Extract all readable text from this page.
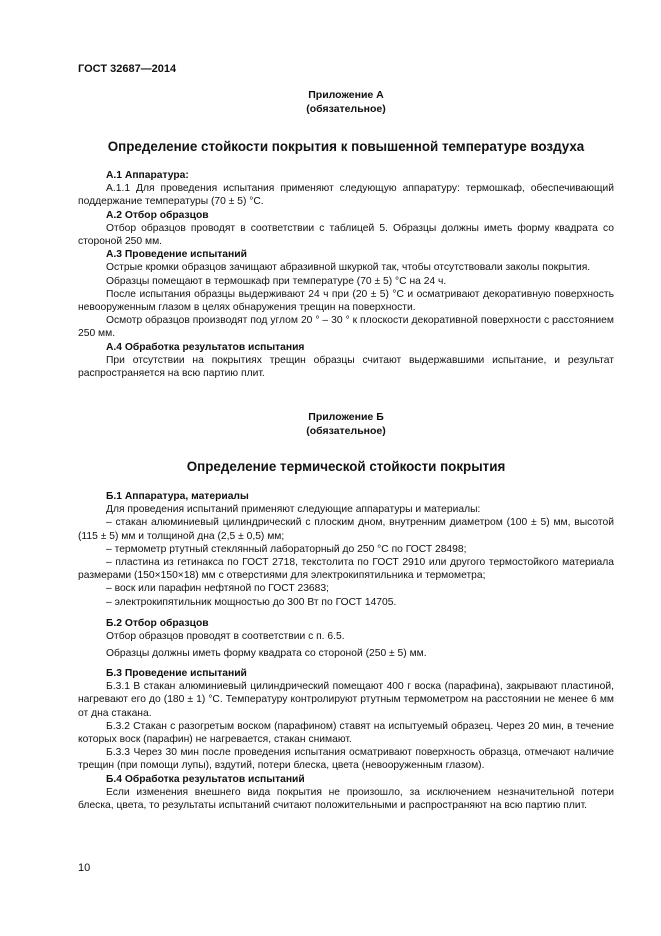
ГОСТ 32687—2014
Приложение А
(обязательное)
Определение стойкости покрытия к повышенной температуре воздуха
А.1 Аппаратура:

А.1.1 Для проведения испытания применяют следующую аппаратуру: термошкаф, обеспечивающий поддержание температуры (70 ± 5) °С.

А.2 Отбор образцов

Отбор образцов проводят в соответствии с таблицей 5. Образцы должны иметь форму квадрата со стороной 250 мм.

А.3 Проведение испытаний

Острые кромки образцов зачищают абразивной шкуркой так, чтобы отсутствовали заколы покрытия.

Образцы помещают в термошкаф при температуре (70 ± 5) °С на 24 ч.

После испытания образцы выдерживают 24 ч при (20 ± 5) °С и осматривают декоративную поверхность невооруженным глазом в целях обнаружения трещин на поверхности.

Осмотр образцов производят под углом 20 ° – 30 ° к плоскости декоративной поверхности с расстоянием 250 мм.

А.4 Обработка результатов испытания

При отсутствии на покрытиях трещин образцы считают выдержавшими испытание, и результат распространяется на всю партию плит.

Приложение Б
(обязательное)
Определение термической стойкости покрытия
Б.1 Аппаратура, материалы

Для проведения испытаний применяют следующие аппаратуры и материалы:

– стакан алюминиевый цилиндрический с плоским дном, внутренним диаметром (100 ± 5) мм, высотой (115 ± 5) мм и толщиной дна (2,5 ± 0,5) мм;

– термометр ртутный стеклянный лабораторный до 250 °С по ГОСТ 28498;

– пластина из гетинакса по ГОСТ 2718, текстолита по ГОСТ 2910 или другого термостойкого материала размерами (150×150×18) мм с отверстиями для электрокипятильника и термометра;

– воск или парафин нефтяной по ГОСТ 23683;

– электрокипятильник мощностью до 300 Вт по ГОСТ 14705.

Б.2 Отбор образцов

Отбор образцов проводят в соответствии с п. 6.5.

Образцы должны иметь форму квадрата со стороной (250 ± 5) мм.

Б.3 Проведение испытаний

Б.3.1 В стакан алюминиевый цилиндрический помещают 400 г воска (парафина), закрывают пластиной, нагревают его до (180 ± 1) °С. Температуру контролируют ртутным термометром на расстоянии не менее 6 мм от дна стакана.

Б.3.2 Стакан с разогретым воском (парафином) ставят на испытуемый образец. Через 20 мин, в течение которых воск (парафин) не нагревается, стакан снимают.

Б.3.3 Через 30 мин после проведения испытания осматривают поверхность образца, отмечают наличие трещин (при помощи лупы), вздутий, потери блеска, цвета (невооруженным глазом).

Б.4 Обработка результатов испытаний

Если изменения внешнего вида покрытия не произошло, за исключением незначительной потери блеска, цвета, то результаты испытаний считают положительными и распространяют на всю партию плит.

10
